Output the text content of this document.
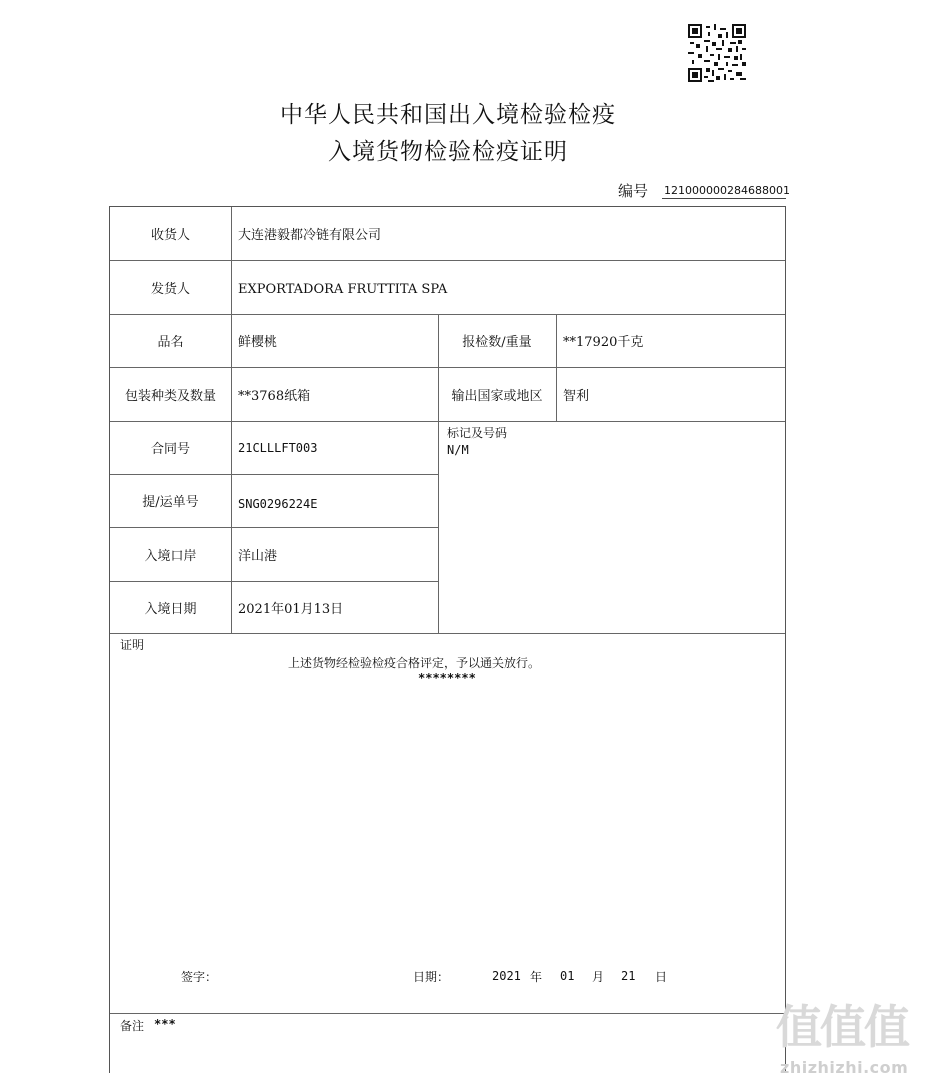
中华人民共和国出入境检验检疫
入境货物检验检疫证明
编号 121000000284688001
收货人	大连港毅都冷链有限公司
发货人	EXPORTADORA FRUTTITA SPA
品名	鲜樱桃	报检数/重量	**17920千克
包装种类及数量	**3768纸箱	输出国家或地区	智利
合同号	21CLLLFT003
标记及号码
N/M
提/运单号	SNG0296224E
入境口岸	洋山港
入境日期	2021年01月13日
证明
上述货物经检验检疫合格评定，予以通关放行。
********
签字：	日期：	2021 年 01 月 21 日
备注 ***	值值值
zhizhizhi.com
